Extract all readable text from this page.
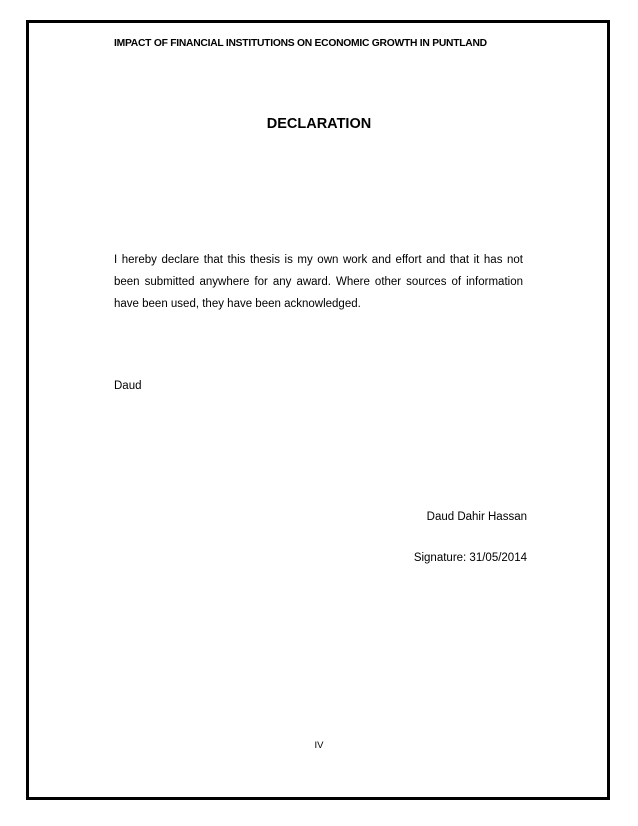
IMPACT OF FINANCIAL INSTITUTIONS ON ECONOMIC GROWTH IN PUNTLAND
DECLARATION

I hereby declare that this thesis is my own work and effort and that it has not been submitted anywhere for any award. Where other sources of information have been used, they have been acknowledged.

Daud
Daud Dahir Hassan
Signature: 31/05/2014
IV
